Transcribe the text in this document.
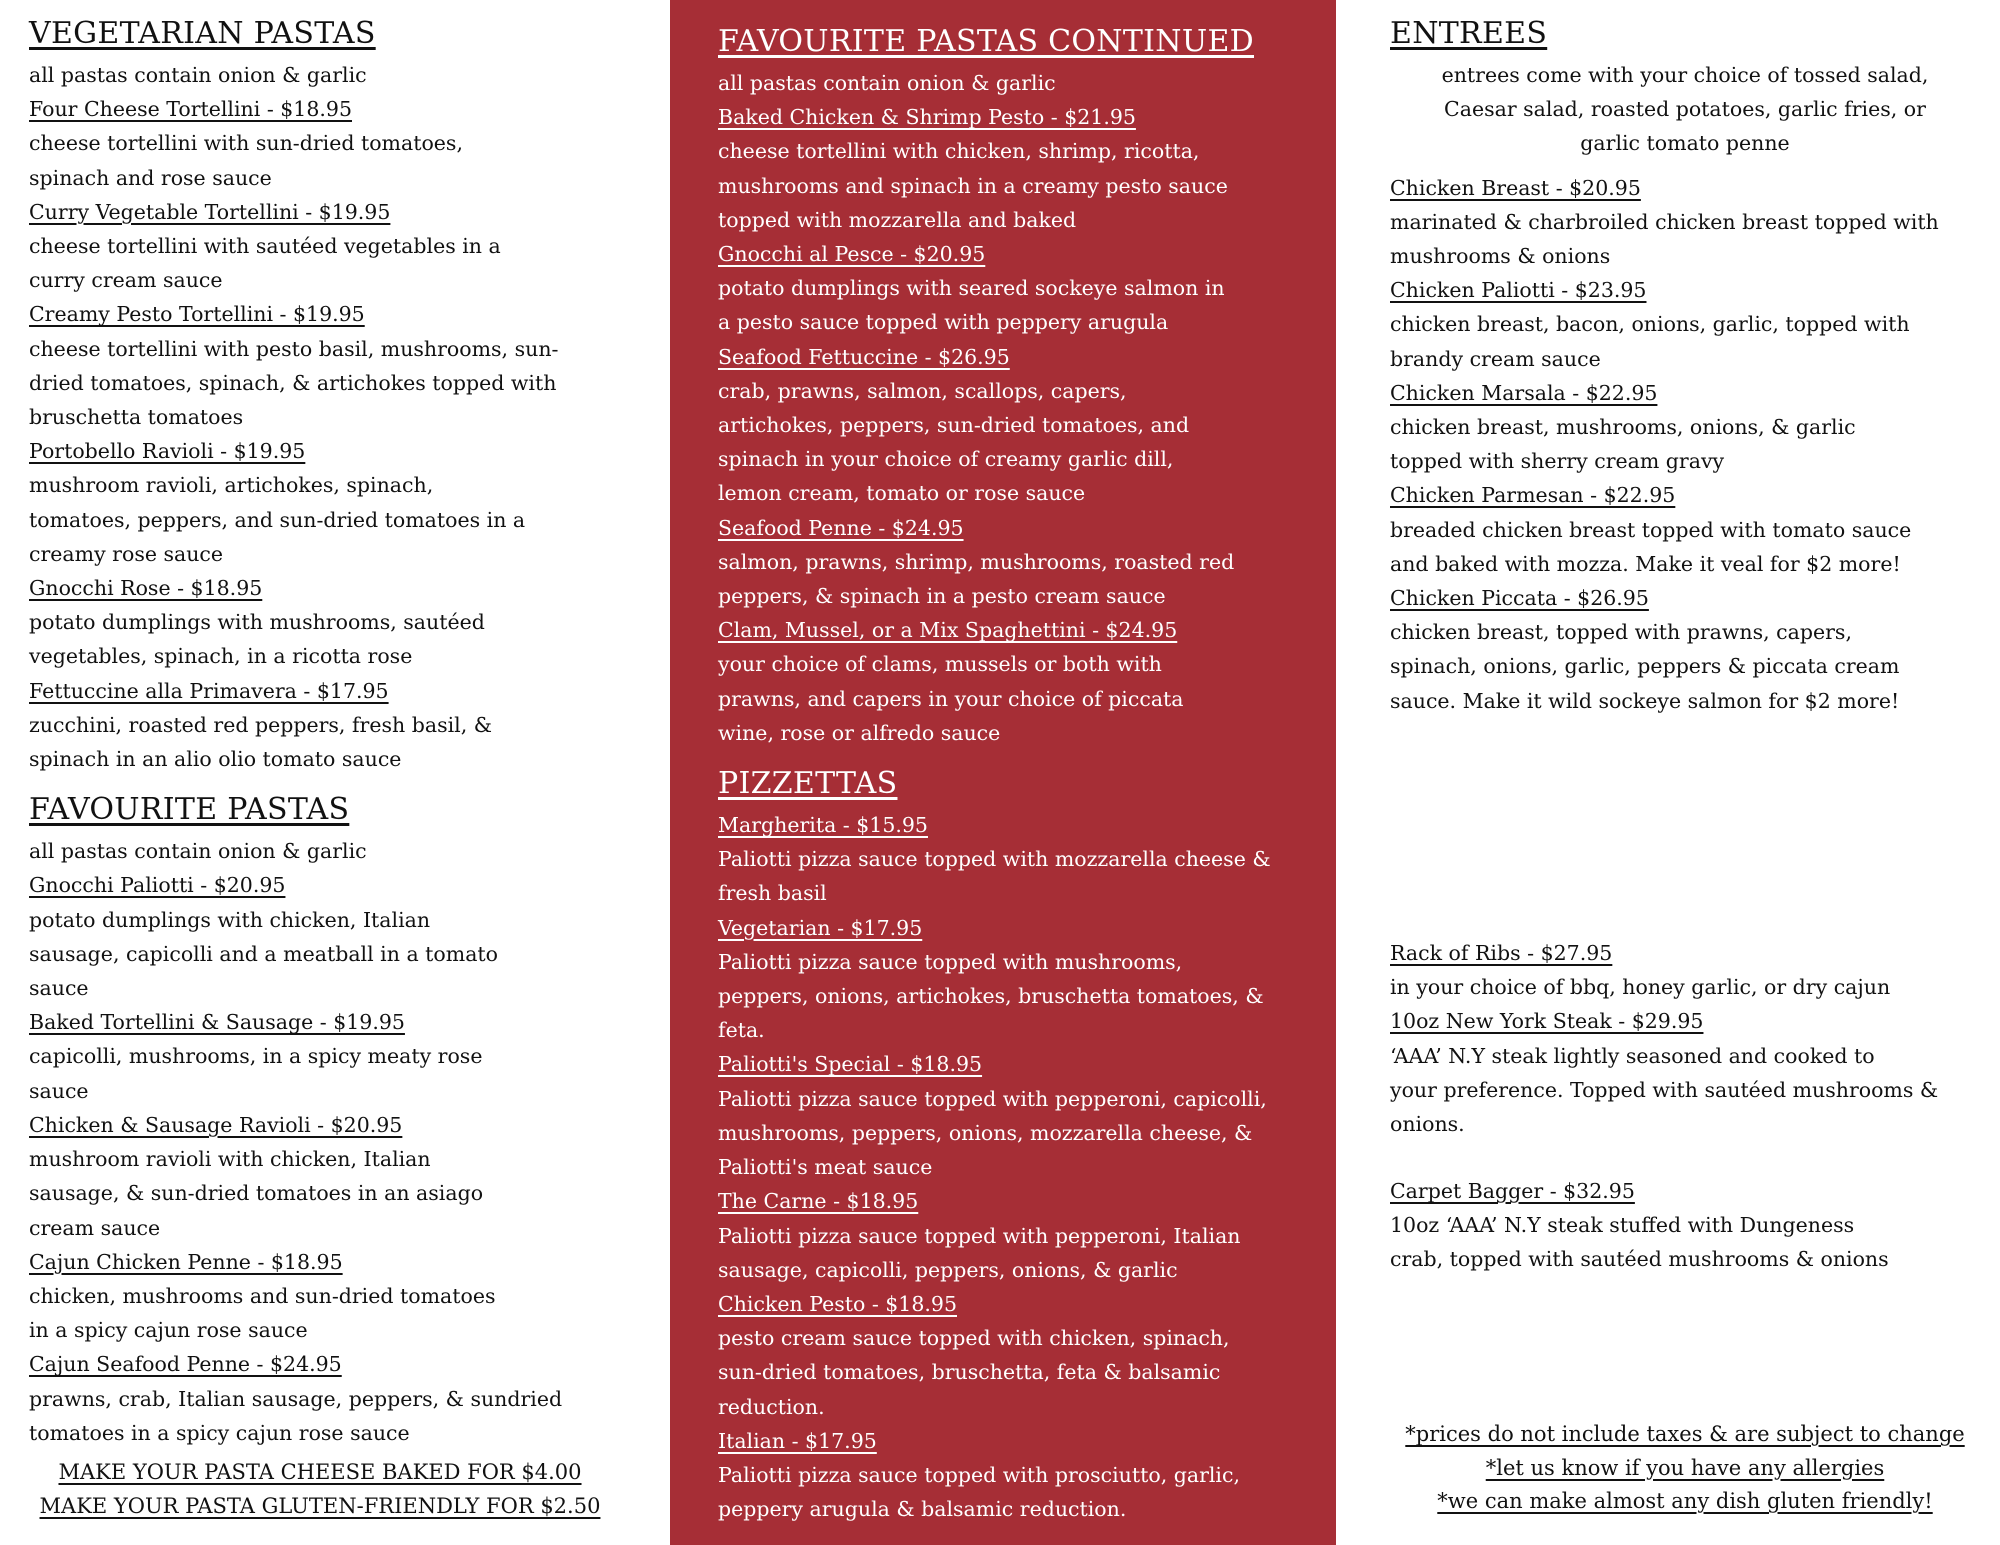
VEGETARIAN PASTAS
all pastas contain onion & garlic
Four Cheese Tortellini - $18.95
cheese tortellini with sun-dried tomatoes,
spinach and rose sauce
Curry Vegetable Tortellini - $19.95
cheese tortellini with sautéed vegetables in a
curry cream sauce
Creamy Pesto Tortellini - $19.95
cheese tortellini with pesto basil, mushrooms, sun-
dried tomatoes, spinach, & artichokes topped with
bruschetta tomatoes
Portobello Ravioli - $19.95
mushroom ravioli, artichokes, spinach,
tomatoes, peppers, and sun-dried tomatoes in a
creamy rose sauce
Gnocchi Rose - $18.95
potato dumplings with mushrooms, sautéed
vegetables, spinach, in a ricotta rose
Fettuccine alla Primavera - $17.95
zucchini, roasted red peppers, fresh basil, &
spinach in an alio olio tomato sauce
FAVOURITE PASTAS
all pastas contain onion & garlic
Gnocchi Paliotti - $20.95
potato dumplings with chicken, Italian
sausage, capicolli and a meatball in a tomato
sauce
Baked Tortellini & Sausage - $19.95
capicolli, mushrooms, in a spicy meaty rose
sauce
Chicken & Sausage Ravioli - $20.95
mushroom ravioli with chicken, Italian
sausage, & sun-dried tomatoes in an asiago
cream sauce
Cajun Chicken Penne - $18.95
chicken, mushrooms and sun-dried tomatoes
in a spicy cajun rose sauce
Cajun Seafood Penne - $24.95
prawns, crab, Italian sausage, peppers, & sundried
tomatoes in a spicy cajun rose sauce
MAKE YOUR PASTA CHEESE BAKED FOR $4.00
MAKE YOUR PASTA GLUTEN-FRIENDLY FOR $2.50
FAVOURITE PASTAS CONTINUED
all pastas contain onion & garlic
Baked Chicken & Shrimp Pesto - $21.95
cheese tortellini with chicken, shrimp, ricotta,
mushrooms and spinach in a creamy pesto sauce
topped with mozzarella and baked
Gnocchi al Pesce - $20.95
potato dumplings with seared sockeye salmon in
a pesto sauce topped with peppery arugula
Seafood Fettuccine - $26.95
crab, prawns, salmon, scallops, capers,
artichokes, peppers, sun-dried tomatoes, and
spinach in your choice of creamy garlic dill,
lemon cream, tomato or rose sauce
Seafood Penne - $24.95
salmon, prawns, shrimp, mushrooms, roasted red
peppers, & spinach in a pesto cream sauce
Clam, Mussel, or a Mix Spaghettini - $24.95
your choice of clams, mussels or both with
prawns, and capers in your choice of piccata
wine, rose or alfredo sauce
PIZZETTAS
Margherita - $15.95
Paliotti pizza sauce topped with mozzarella cheese &
fresh basil
Vegetarian - $17.95
Paliotti pizza sauce topped with mushrooms,
peppers, onions, artichokes, bruschetta tomatoes, &
feta.
Paliotti's Special - $18.95
Paliotti pizza sauce topped with pepperoni, capicolli,
mushrooms, peppers, onions, mozzarella cheese, &
Paliotti's meat sauce
The Carne - $18.95
Paliotti pizza sauce topped with pepperoni, Italian
sausage, capicolli, peppers, onions, & garlic
Chicken Pesto - $18.95
pesto cream sauce topped with chicken, spinach,
sun-dried tomatoes, bruschetta, feta & balsamic
reduction.
Italian - $17.95
Paliotti pizza sauce topped with prosciutto, garlic,
peppery arugula & balsamic reduction.
ENTREES
entrees come with your choice of tossed salad,
Caesar salad, roasted potatoes, garlic fries, or
garlic tomato penne
Chicken Breast - $20.95
marinated & charbroiled chicken breast topped with
mushrooms & onions
Chicken Paliotti - $23.95
chicken breast, bacon, onions, garlic, topped with
brandy cream sauce
Chicken Marsala - $22.95
chicken breast, mushrooms, onions, & garlic
topped with sherry cream gravy
Chicken Parmesan - $22.95
breaded chicken breast topped with tomato sauce
and baked with mozza. Make it veal for $2 more!
Chicken Piccata - $26.95
chicken breast, topped with prawns, capers,
spinach, onions, garlic, peppers & piccata cream
sauce. Make it wild sockeye salmon for $2 more!
Rack of Ribs - $27.95
in your choice of bbq, honey garlic, or dry cajun
10oz New York Steak - $29.95
‘AAA’ N.Y steak lightly seasoned and cooked to
your preference. Topped with sautéed mushrooms &
onions.
Carpet Bagger - $32.95
10oz ‘AAA’ N.Y steak stuffed with Dungeness
crab, topped with sautéed mushrooms & onions
*prices do not include taxes & are subject to change
*let us know if you have any allergies
*we can make almost any dish gluten friendly!
